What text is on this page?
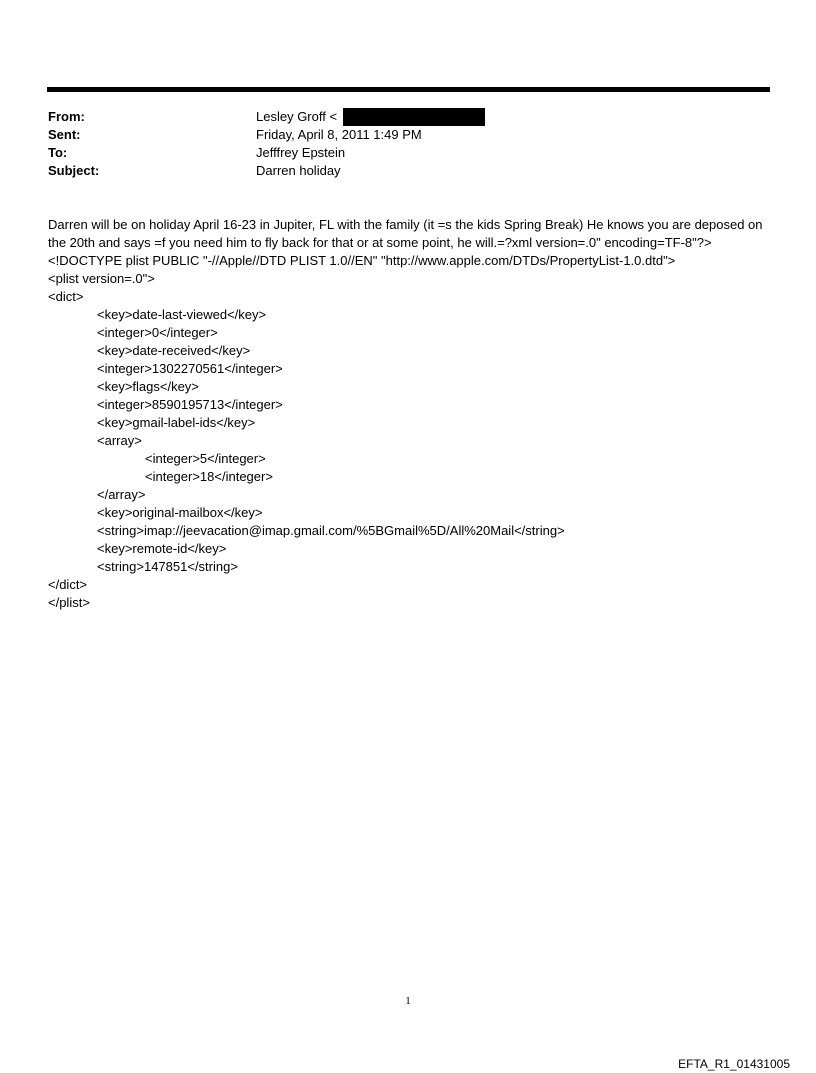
From:	Lesley Groff <
Sent:	Friday, April 8, 2011 1:49 PM
To:	Jefffrey Epstein
Subject:	Darren holiday

Darren will be on holiday April 16-23 in Jupiter, FL with the family (it =s the kids Spring Break) He knows you are deposed on the 20th and says =f you need him to fly back for that or at some point, he will.=?xml version=.0" encoding=TF-8"?> <!DOCTYPE plist PUBLIC "-//Apple//DTD PLIST 1.0//EN" "http://www.apple.com/DTDs/PropertyList-1.0.dtd">

<plist version=.0">
<dict>
<key>date-last-viewed</key>
<integer>0</integer>
<key>date-received</key>
<integer>1302270561</integer>
<key>flags</key>
<integer>8590195713</integer>
<key>gmail-label-ids</key>
<array>
<integer>5</integer>
<integer>18</integer>
</array>
<key>original-mailbox</key>
<string>imap://jeevacation@imap.gmail.com/%5BGmail%5D/All%20Mail</string>
<key>remote-id</key>
<string>147851</string>
</dict>
</plist>
1
EFTA_R1_01431005
